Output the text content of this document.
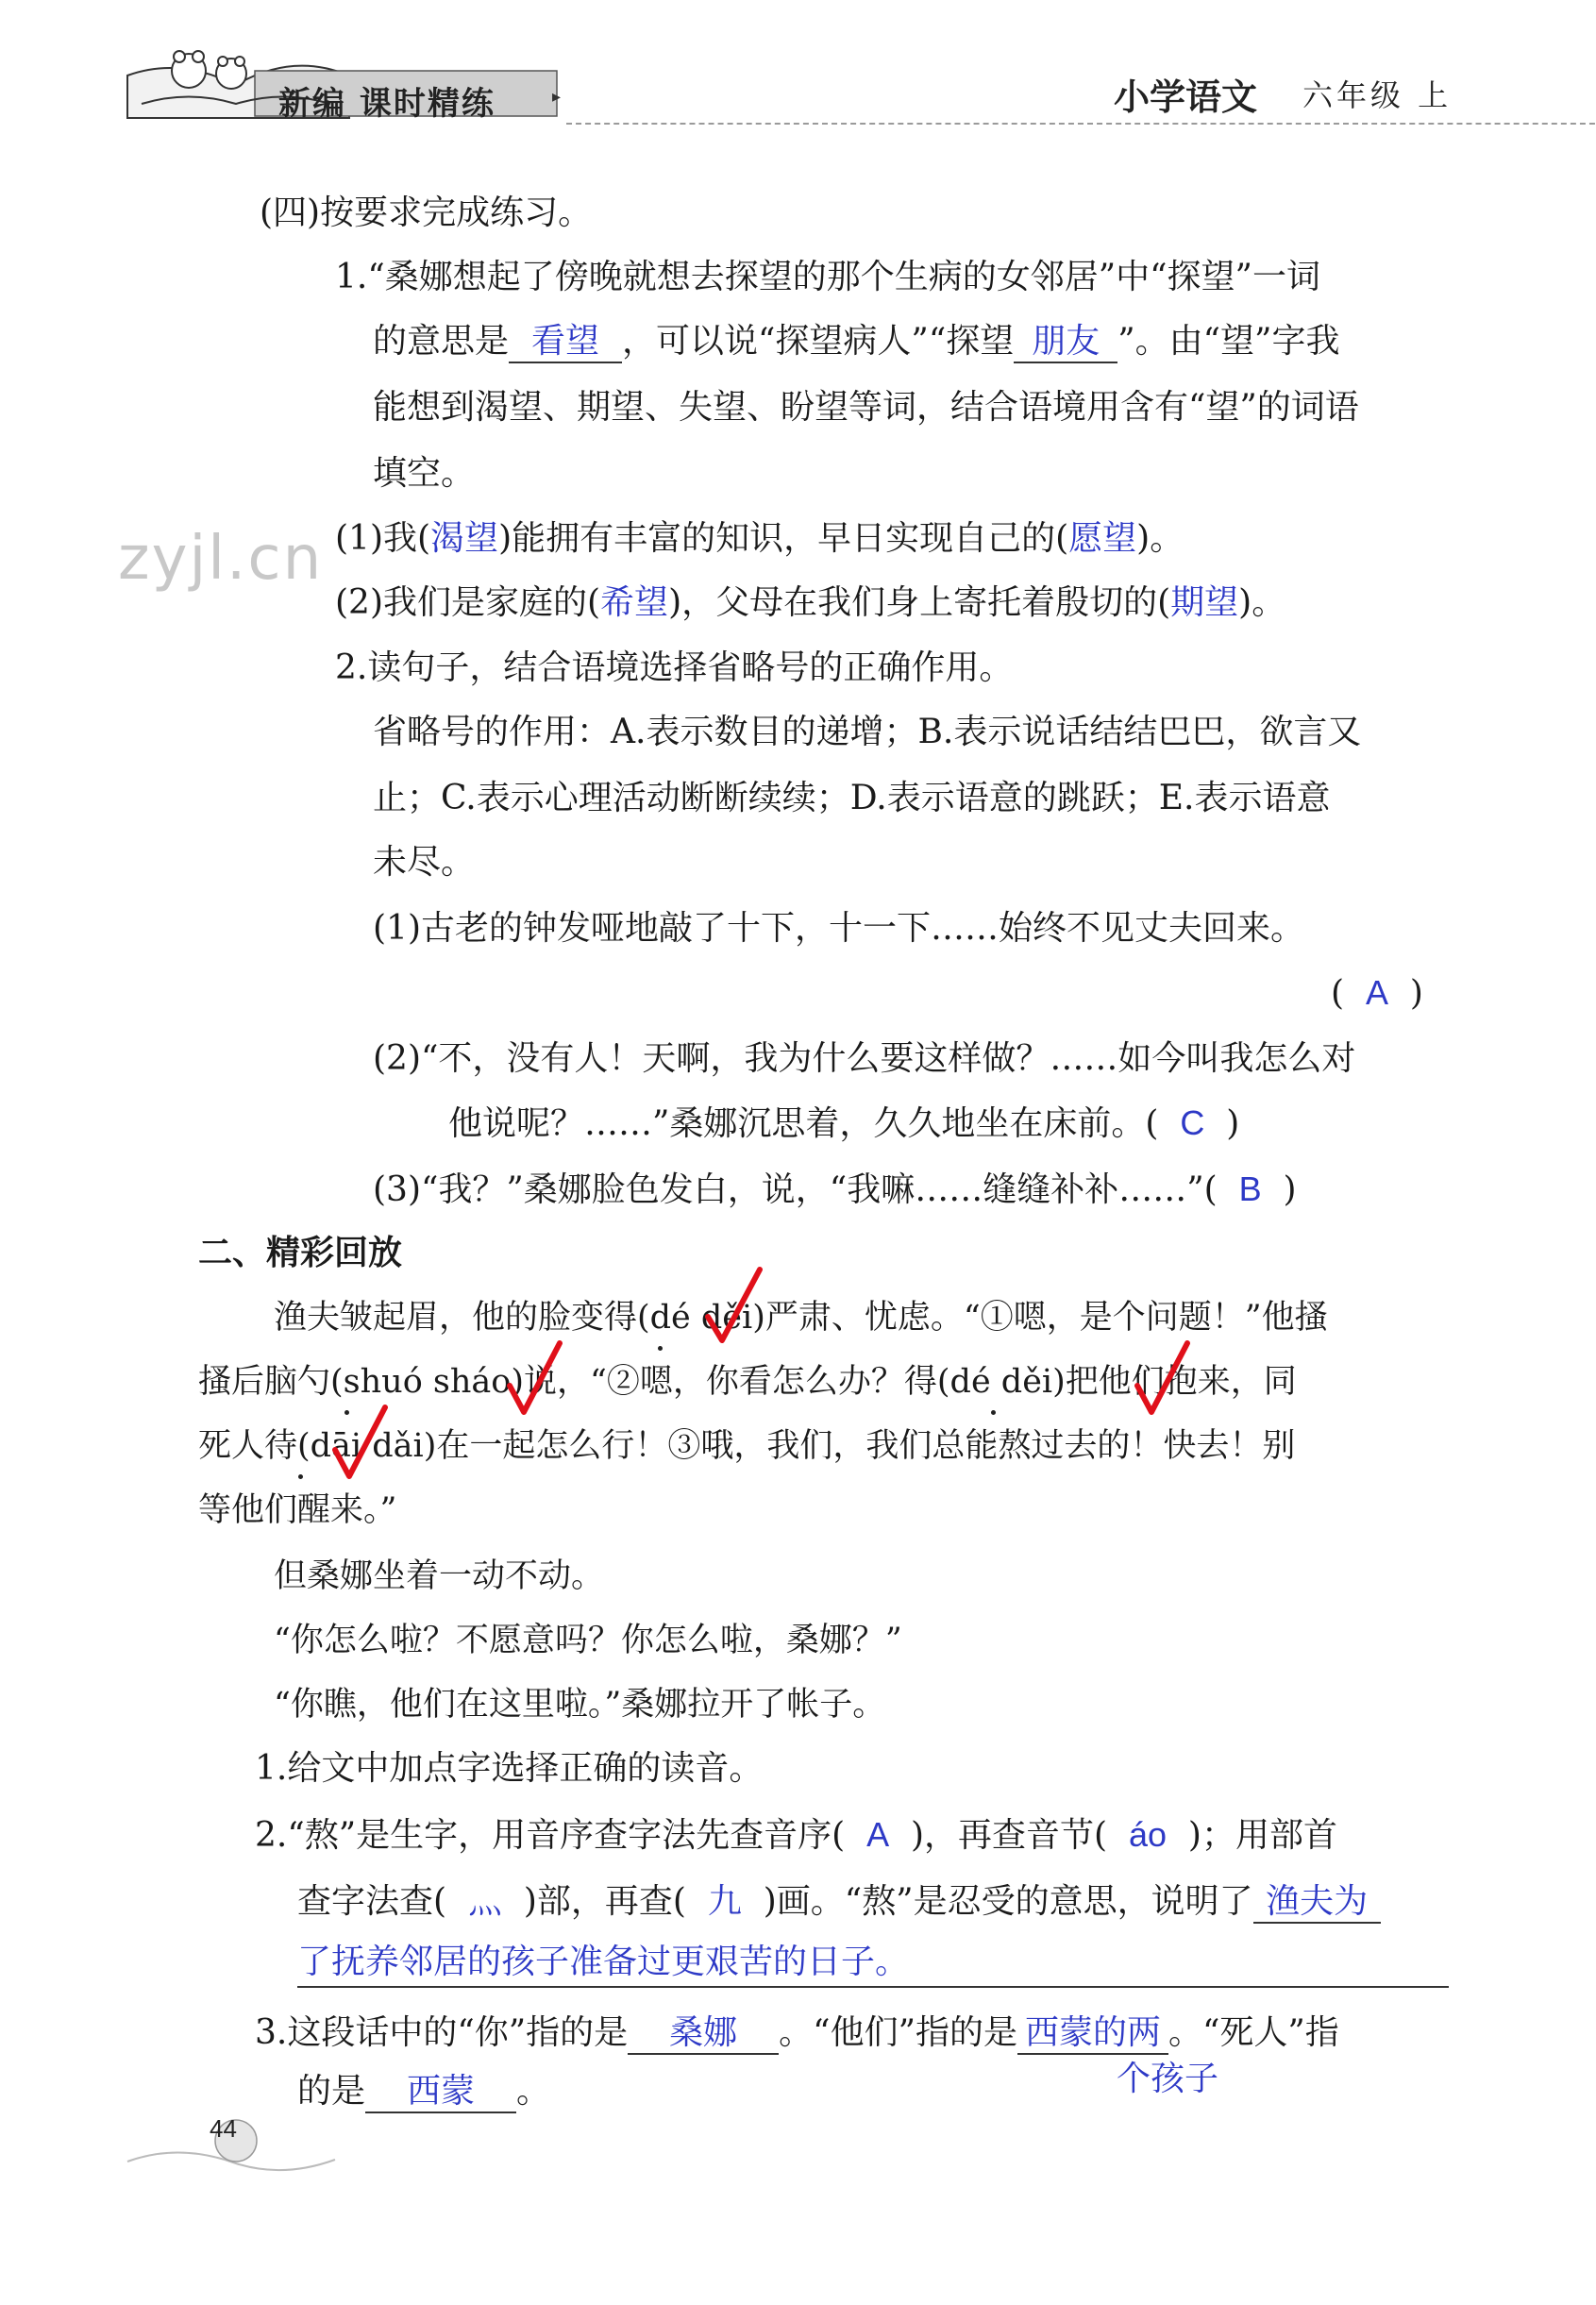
新编 课时精练	▸	小学语文 六年级 上
zyjl.cn
(四)按要求完成练习。
1.“桑娜想起了傍晚就想去探望的那个生病的女邻居”中“探望”一词
的意思是 看望 ，可以说“探望病人”“探望 朋友 ”。由“望”字我
能想到渴望、期望、失望、盼望等词，结合语境用含有“望”的词语
填空。
(1)我(渴望)能拥有丰富的知识，早日实现自己的(愿望)。
(2)我们是家庭的(希望)，父母在我们身上寄托着殷切的(期望)。
2.读句子，结合语境选择省略号的正确作用。
省略号的作用：A.表示数目的递增；B.表示说话结结巴巴，欲言又
止；C.表示心理活动断断续续；D.表示语意的跳跃；E.表示语意
未尽。
(1)古老的钟发哑地敲了十下，十一下……始终不见丈夫回来。
( A )
(2)“不，没有人！天啊，我为什么要这样做？……如今叫我怎么对
他说呢？……”桑娜沉思着，久久地坐在床前。( C )
(3)“我？”桑娜脸色发白，说，“我嘛……缝缝补补……”( B )
二、精彩回放
渔夫皱起眉，他的脸变得(dé děi)严肃、忧虑。“①嗯，是个问题！”他搔
搔后脑勺(shuó sháo)说，“②嗯，你看怎么办？得(dé děi)把他们抱来，同
死人待(dāi dǎi)在一起怎么行！③哦，我们，我们总能熬过去的！快去！别
等他们醒来。”
但桑娜坐着一动不动。
“你怎么啦？不愿意吗？你怎么啦，桑娜？”
“你瞧，他们在这里啦。”桑娜拉开了帐子。
1.给文中加点字选择正确的读音。
2.“熬”是生字，用音序查字法先查音序( A )，再查音节( áo )；用部首
查字法查( 灬 )部，再查( 九 )画。“熬”是忍受的意思，说明了 渔夫为
了抚养邻居的孩子准备过更艰苦的日子。
3.这段话中的“你”指的是 桑娜 。“他们”指的是 西蒙的两 。“死人”指
个孩子
的是 西蒙 。
44
